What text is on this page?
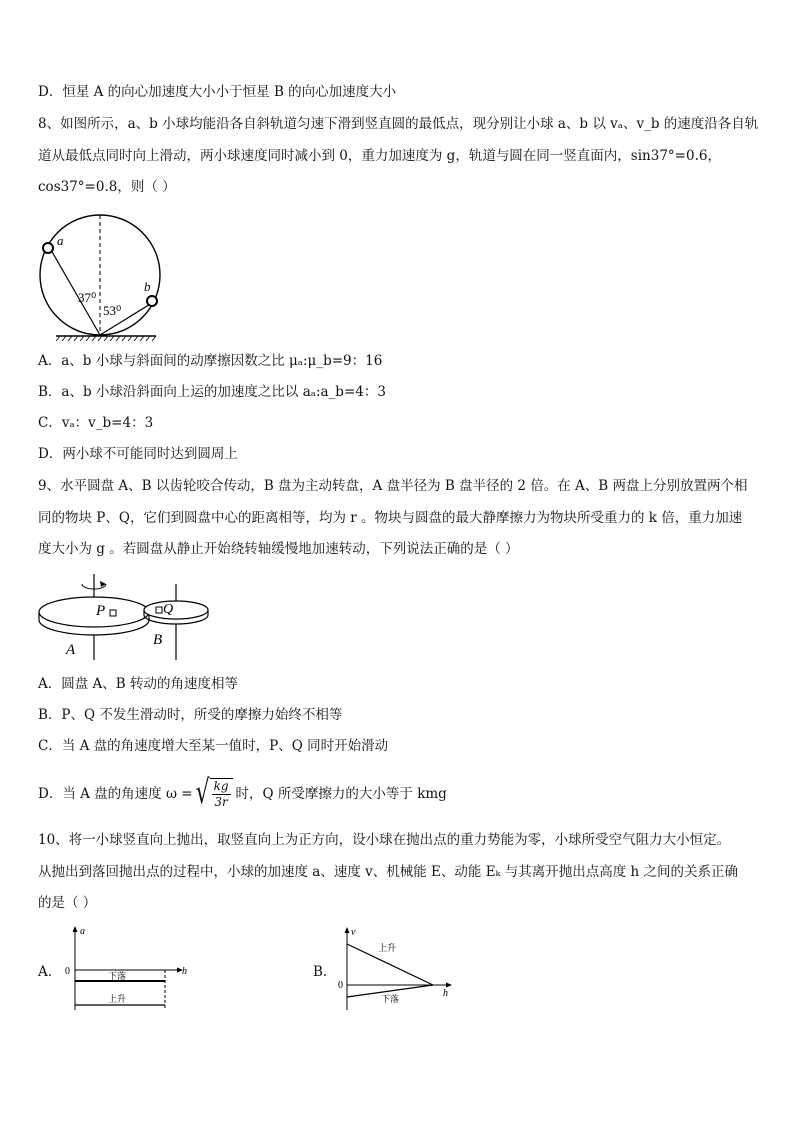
D．恒星 A 的向心加速度大小小于恒星 B 的向心加速度大小
8、如图所示，a、b 小球均能沿各自斜轨道匀速下滑到竖直圆的最低点，现分别让小球 a、b 以 vₐ、v_b 的速度沿各自轨
道从最低点同时向上滑动，两小球速度同时减小到 0，重力加速度为 g，轨道与圆在同一竖直面内，sin37°=0.6，
cos37°=0.8，则（ ）
a
b
37⁰
53⁰
A．a、b 小球与斜面间的动摩擦因数之比 μₐ:μ_b=9：16
B．a、b 小球沿斜面向上运的加速度之比以 aₐ:a_b=4：3
C．vₐ：v_b=4：3
D．两小球不可能同时达到圆周上
9、水平圆盘 A、B 以齿轮咬合传动，B 盘为主动转盘，A 盘半径为 B 盘半径的 2 倍。在 A、B 两盘上分别放置两个相
同的物块 P、Q，它们到圆盘中心的距离相等，均为 r 。物块与圆盘的最大静摩擦力为物块所受重力的 k 倍，重力加速
度大小为 g 。若圆盘从静止开始绕转轴缓慢地加速转动，下列说法正确的是（ ）
P	Q
A
B
A．圆盘 A、B 转动的角速度相等
B．P、Q 不发生滑动时，所受的摩擦力始终不相等
C．当 A 盘的角速度增大至某一值时，P、Q 同时开始滑动
D．当 A 盘的角速度 ω = √ $\frac{kg}{3r}$ 时，Q 所受摩擦力的大小等于 kmg
10、将一小球竖直向上抛出，取竖直向上为正方向，设小球在抛出点的重力势能为零，小球所受空气阻力大小恒定。
从抛出到落回抛出点的过程中，小球的加速度 a、速度 v、机械能 E、动能 Eₖ 与其离开抛出点高度 h 之间的关系正确
的是（ ）
A.
a
h
0	下落
上升
B.
v
h
0
上升
下落
